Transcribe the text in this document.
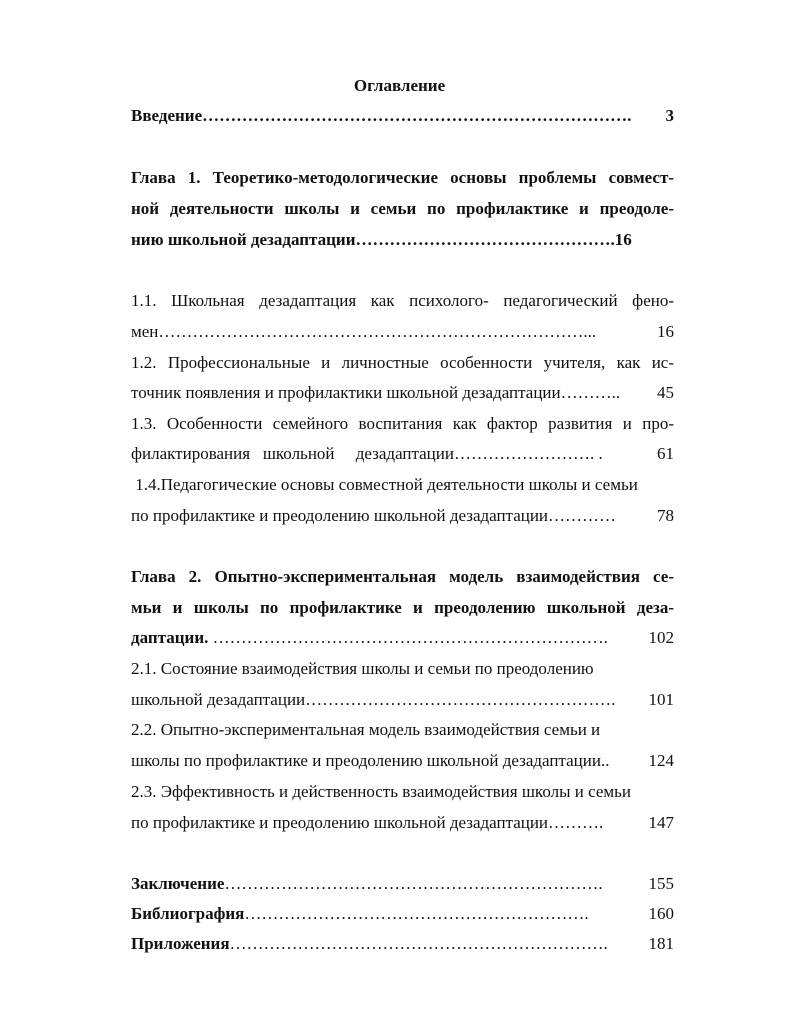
Оглавление
Введение ………………………………………………………………….	3
Глава 1. Теоретико-методологические основы проблемы совмест-
ной деятельности школы и семьи по профилактике и преодоле-
нию школьной дезадаптации ………………………………………. 16
1.1. Школьная дезадаптация как психолого- педагогический фено-
мен …………………………………………………………………...	16
1.2. Профессиональные и личностные особенности учителя, как ис-
точник появления и профилактики школьной дезадаптации ………..	45
1.3. Особенности семейного воспитания как фактор развития и про-
филактирования   школьной     дезадаптации ……………………. .	61
1.4.Педагогические основы совместной деятельности школы и семьи
по профилактике и преодолению школьной дезадаптации …………	78
Глава 2. Опытно-экспериментальная модель взаимодействия се-
мьи и школы по профилактике и преодолению школьной деза-
даптации. …………………………………………………………….	102
2.1. Состояние взаимодействия школы и семьи по преодолению
школьной дезадаптации ……………………………………………….	101
2.2. Опытно-экспериментальная модель взаимодействия семьи и
школы по профилактике и преодолению школьной дезадаптации.. 124
2.3. Эффективность и действенность взаимодействия школы и семьи
по профилактике и преодолению школьной дезадаптации ……….	147
Заключение ………………………………………………………….	155
Библиография …………………………………………………….	160
Приложения ………………………………………………………….	181
